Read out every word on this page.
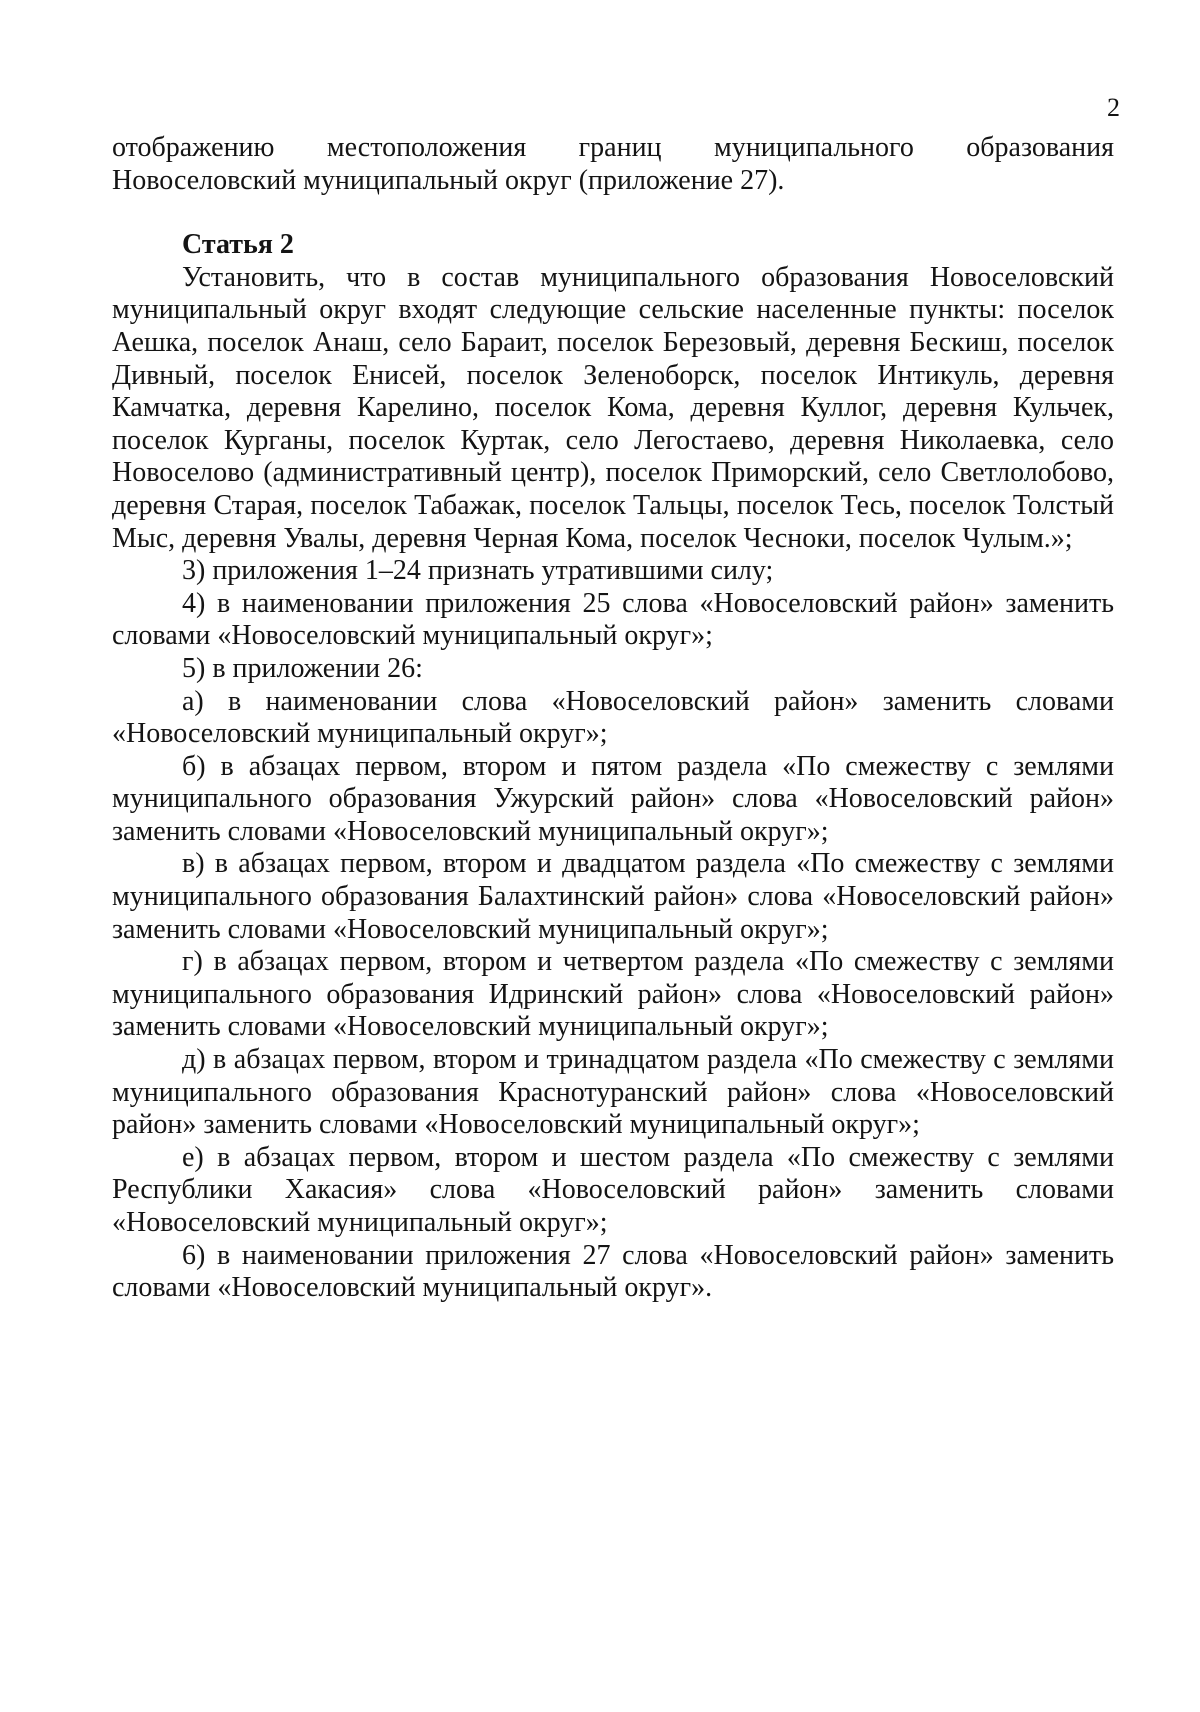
2

отображению местоположения границ муниципального образования Новоселовский муниципальный округ (приложение 27).

Статья 2

Установить, что в состав муниципального образования Новоселовский муниципальный округ входят следующие сельские населенные пункты: поселок Аешка, поселок Анаш, село Бараит, поселок Березовый, деревня Бескиш, поселок Дивный, поселок Енисей, поселок Зеленоборск, поселок Интикуль, деревня Камчатка, деревня Карелино, поселок Кома, деревня Куллог, деревня Кульчек, поселок Курганы, поселок Куртак, село Легостаево, деревня Николаевка, село Новоселово (административный центр), поселок Приморский, село Светлолобово, деревня Старая, поселок Табажак, поселок Тальцы, поселок Тесь, поселок Толстый Мыс, деревня Увалы, деревня Черная Кома, поселок Чесноки, поселок Чулым.»;

3) приложения 1–24 признать утратившими силу;

4) в наименовании приложения 25 слова «Новоселовский район» заменить словами «Новоселовский муниципальный округ»;

5) в приложении 26:

а) в наименовании слова «Новоселовский район» заменить словами «Новоселовский муниципальный округ»;

б) в абзацах первом, втором и пятом раздела «По смежеству с землями муниципального образования Ужурский район» слова «Новоселовский район» заменить словами «Новоселовский муниципальный округ»;

в) в абзацах первом, втором и двадцатом раздела «По смежеству с землями муниципального образования Балахтинский район» слова «Новоселовский район» заменить словами «Новоселовский муниципальный округ»;

г) в абзацах первом, втором и четвертом раздела «По смежеству с землями муниципального образования Идринский район» слова «Новоселовский район» заменить словами «Новоселовский муниципальный округ»;

д) в абзацах первом, втором и тринадцатом раздела «По смежеству с землями муниципального образования Краснотуранский район» слова «Новоселовский район» заменить словами «Новоселовский муниципальный округ»;

е) в абзацах первом, втором и шестом раздела «По смежеству с землями Республики Хакасия» слова «Новоселовский район» заменить словами «Новоселовский муниципальный округ»;

6) в наименовании приложения 27 слова «Новоселовский район» заменить словами «Новоселовский муниципальный округ».
